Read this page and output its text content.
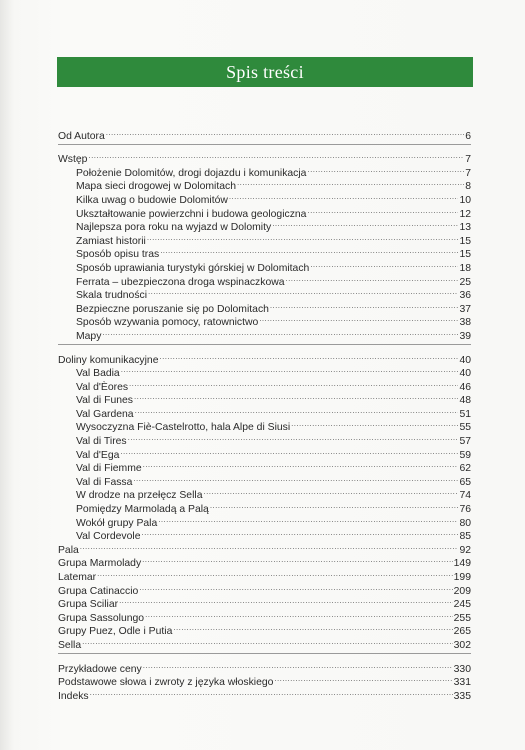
Spis treści
Od Autora .....	6
Wstęp .....	7
Położenie Dolomitów, drogi dojazdu i komunikacja .....	7
Mapa sieci drogowej w Dolomitach .....	8
Kilka uwag o budowie Dolomitów .....	10
Ukształtowanie powierzchni i budowa geologiczna .....	12
Najlepsza pora roku na wyjazd w Dolomity .....	13
Zamiast historii .....	15
Sposób opisu tras .....	15
Sposób uprawiania turystyki górskiej w Dolomitach .....	18
Ferrata – ubezpieczona droga wspinaczkowa .....	25
Skala trudności .....	36
Bezpieczne poruszanie się po Dolomitach .....	37
Sposób wzywania pomocy, ratownictwo .....	38
Mapy .....	39
Doliny komunikacyjne .....	40
Val Badia .....	40
Val d'Èores .....	46
Val di Funes .....	48
Val Gardena .....	51
Wysoczyzna Fiè-Castelrotto, hala Alpe di Siusi .....	55
Val di Tires .....	57
Val d'Ega .....	59
Val di Fiemme .....	62
Val di Fassa .....	65
W drodze na przełęcz Sella .....	74
Pomiędzy Marmoladą a Palą .....	76
Wokół grupy Pala .....	80
Val Cordevole .....	85
Pala .....	92
Grupa Marmolady .....	149
Latemar .....	199
Grupa Catinaccio .....	209
Grupa Sciliar .....	245
Grupa Sassolungo .....	255
Grupy Puez, Odle i Putia .....	265
Sella .....	302
Przykładowe ceny .....	330
Podstawowe słowa i zwroty z języka włoskiego .....	331
Indeks .....	335
